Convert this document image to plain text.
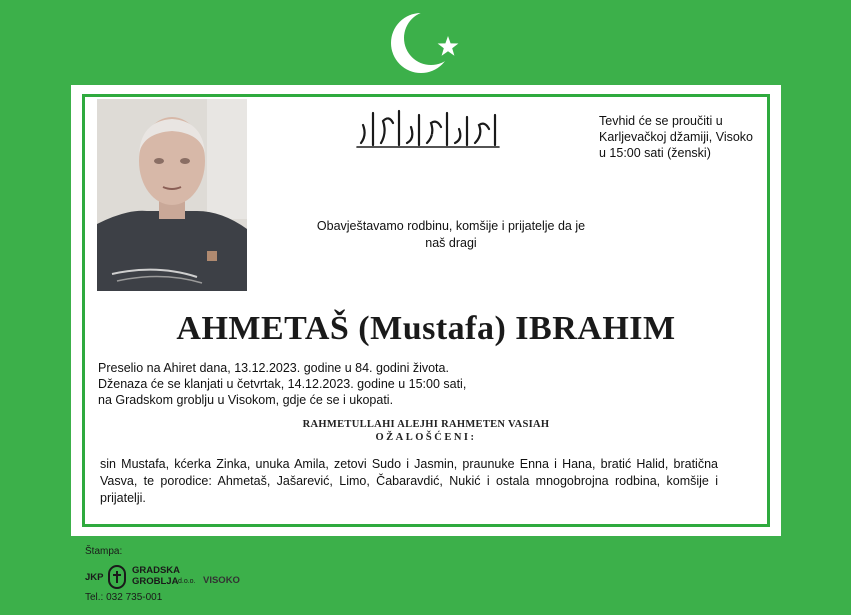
ارتحل الى ربها
Tevhid će se proučiti u
Karljevačkoj džamiji, Visoko
u 15:00 sati (ženski)
Obavještavamo rodbinu, komšije i prijatelje da je
naš dragi
AHMETAŠ (Mustafa) IBRAHIM
Preselio na Ahiret dana, 13.12.2023. godine u 84. godini života.
Dženaza će se klanjati u četvrtak, 14.12.2023. godine u 15:00 sati,
na Gradskom groblju u Visokom, gdje će se i ukopati.
RAHMETULLAHI ALEJHI RAHMETEN VASIAH
OŽALOŠĆENI:
sin Mustafa, kćerka Zinka, unuka Amila, zetovi Sudo i Jasmin, praunuke Enna i Hana, bratić Halid, bratična Vasva, te porodice: Ahmetaš, Jašarević, Limo, Čabaravdić, Nukić i ostala mnogobrojna rodbina, komšije i prijatelji.
Štampa:
JKP
GRADSKA
GROBLJA d.o.o. VISOKO
Tel.: 032 735-001
